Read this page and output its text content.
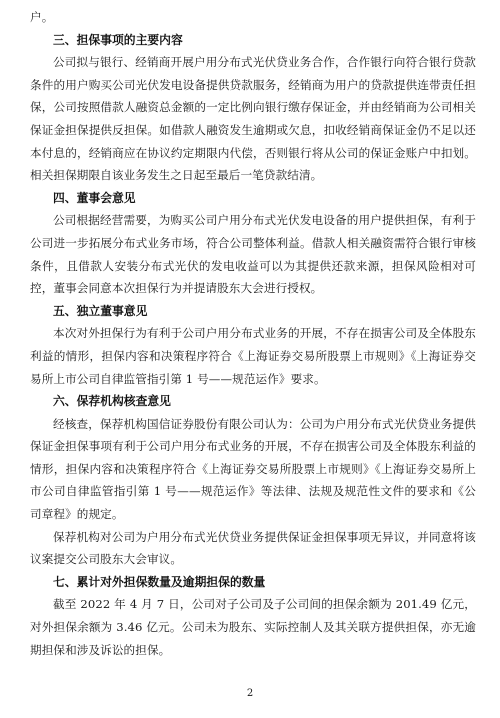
户。

三、担保事项的主要内容

公司拟与银行、经销商开展户用分布式光伏贷业务合作，合作银行向符合银行贷款条件的用户购买公司光伏发电设备提供贷款服务，经销商为用户的贷款提供连带责任担保，公司按照借款人融资总金额的一定比例向银行缴存保证金，并由经销商为公司相关保证金担保提供反担保。如借款人融资发生逾期或欠息，扣收经销商保证金仍不足以还本付息的，经销商应在协议约定期限内代偿，否则银行将从公司的保证金账户中扣划。相关担保期限自该业务发生之日起至最后一笔贷款结清。

四、董事会意见

公司根据经营需要，为购买公司户用分布式光伏发电设备的用户提供担保，有利于公司进一步拓展分布式业务市场，符合公司整体利益。借款人相关融资需符合银行审核条件，且借款人安装分布式光伏的发电收益可以为其提供还款来源，担保风险相对可控，董事会同意本次担保行为并提请股东大会进行授权。

五、独立董事意见

本次对外担保行为有利于公司户用分布式业务的开展，不存在损害公司及全体股东利益的情形，担保内容和决策程序符合《上海证券交易所股票上市规则》《上海证券交易所上市公司自律监管指引第 1 号——规范运作》要求。

六、保荐机构核查意见

经核查，保荐机构国信证券股份有限公司认为：公司为户用分布式光伏贷业务提供保证金担保事项有利于公司户用分布式业务的开展，不存在损害公司及全体股东利益的情形，担保内容和决策程序符合《上海证券交易所股票上市规则》《上海证券交易所上市公司自律监管指引第 1 号——规范运作》等法律、法规及规范性文件的要求和《公司章程》的规定。

保荐机构对公司为户用分布式光伏贷业务提供保证金担保事项无异议，并同意将该议案提交公司股东大会审议。

七、累计对外担保数量及逾期担保的数量

截至 2022 年 4 月 7 日，公司对子公司及子公司间的担保余额为 201.49 亿元，对外担保余额为 3.46 亿元。公司未为股东、实际控制人及其关联方提供担保，亦无逾期担保和涉及诉讼的担保。

2
